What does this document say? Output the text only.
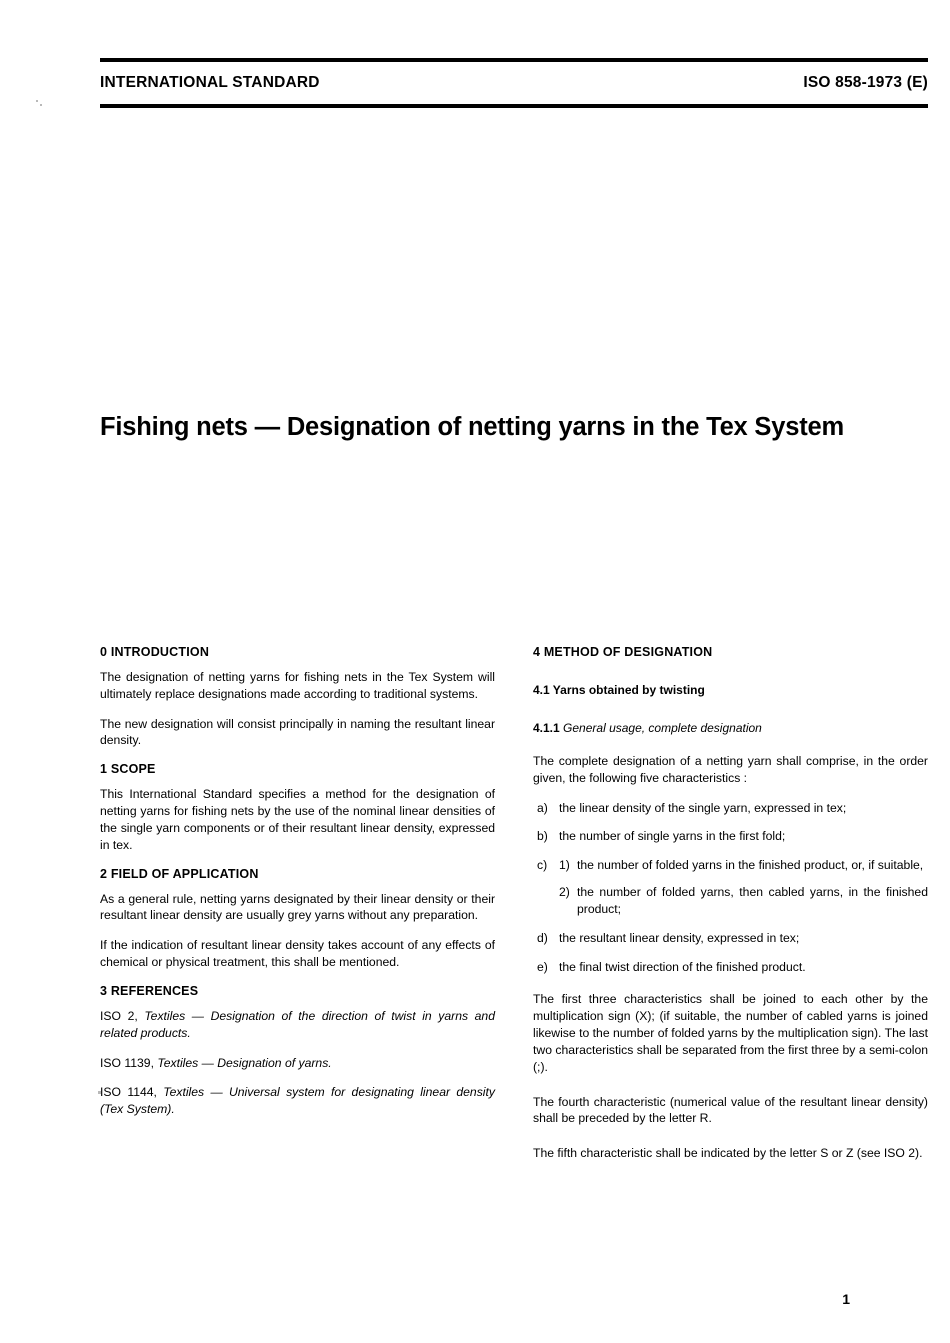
INTERNATIONAL STANDARD	ISO 858-1973 (E)
Fishing nets — Designation of netting yarns in the Tex System
0 INTRODUCTION

The designation of netting yarns for fishing nets in the Tex System will ultimately replace designations made according to traditional systems.

The new designation will consist principally in naming the resultant linear density.

1 SCOPE

This International Standard specifies a method for the designation of netting yarns for fishing nets by the use of the nominal linear densities of the single yarn components or of their resultant linear density, expressed in tex.

2 FIELD OF APPLICATION

As a general rule, netting yarns designated by their linear density or their resultant linear density are usually grey yarns without any preparation.

If the indication of resultant linear density takes account of any effects of chemical or physical treatment, this shall be mentioned.

3 REFERENCES

ISO 2, Textiles — Designation of the direction of twist in yarns and related products.

ISO 1139, Textiles — Designation of yarns.

ISO 1144, Textiles — Universal system for designating linear density (Tex System).

4 METHOD OF DESIGNATION
4.1 Yarns obtained by twisting
4.1.1 General usage, complete designation

The complete designation of a netting yarn shall comprise, in the order given, the following five characteristics :

a) the linear density of the single yarn, expressed in tex;
b) the number of single yarns in the first fold;
c) 1) the number of folded yarns in the finished product, or, if suitable,
2) the number of folded yarns, then cabled yarns, in the finished product;
d) the resultant linear density, expressed in tex;
e) the final twist direction of the finished product.

The first three characteristics shall be joined to each other by the multiplication sign (X); (if suitable, the number of cabled yarns is joined likewise to the number of folded yarns by the multiplication sign). The last two characteristics shall be separated from the first three by a semi-colon (;).

The fourth characteristic (numerical value of the resultant linear density) shall be preceded by the letter R.

The fifth characteristic shall be indicated by the letter S or Z (see ISO 2).

1
